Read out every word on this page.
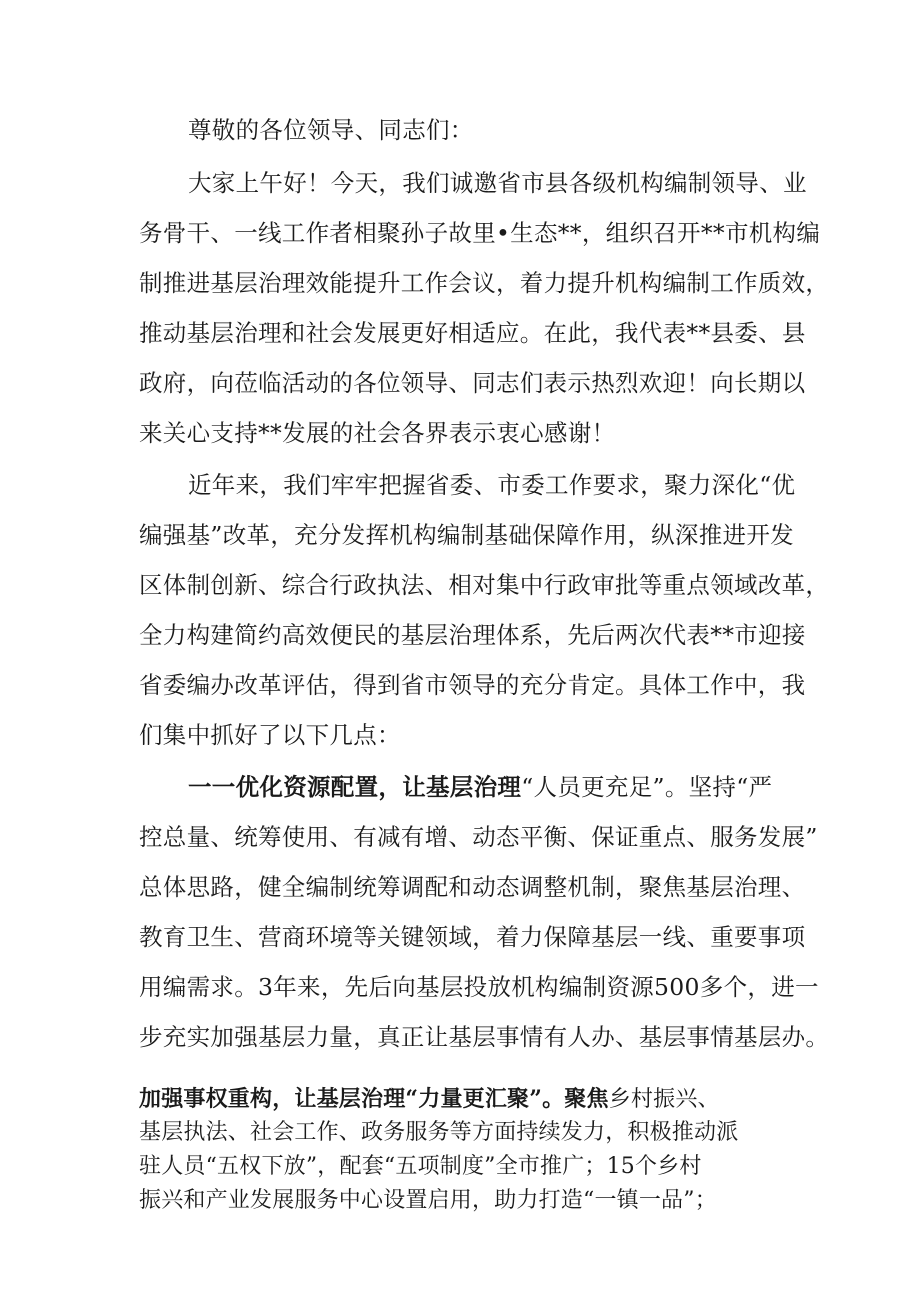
尊敬的各位领导、同志们：
大家上午好！今天，我们诚邀省市县各级机构编制领导、业
务骨干、一线工作者相聚孙子故里•生态**，组织召开**市机构编
制推进基层治理效能提升工作会议，着力提升机构编制工作质效，
推动基层治理和社会发展更好相适应。在此，我代表**县委、县
政府，向莅临活动的各位领导、同志们表示热烈欢迎！向长期以
来关心支持**发展的社会各界表示衷心感谢！
近年来，我们牢牢把握省委、市委工作要求，聚力深化“优
编强基”改革，充分发挥机构编制基础保障作用，纵深推进开发
区体制创新、综合行政执法、相对集中行政审批等重点领域改革，
全力构建简约高效便民的基层治理体系，先后两次代表**市迎接
省委编办改革评估，得到省市领导的充分肯定。具体工作中，我
们集中抓好了以下几点：
一一优化资源配置，让基层治理“人员更充足”。坚持“严
控总量、统筹使用、有减有增、动态平衡、保证重点、服务发展”
总体思路，健全编制统筹调配和动态调整机制，聚焦基层治理、
教育卫生、营商环境等关键领域，着力保障基层一线、重要事项
用编需求。3年来，先后向基层投放机构编制资源500多个，进一
步充实加强基层力量，真正让基层事情有人办、基层事情基层办。
加强事权重构，让基层治理“力量更汇聚”。聚焦乡村振兴、
基层执法、社会工作、政务服务等方面持续发力，积极推动派
驻人员“五权下放”，配套“五项制度”全市推广；15个乡村
振兴和产业发展服务中心设置启用，助力打造“一镇一品”；
